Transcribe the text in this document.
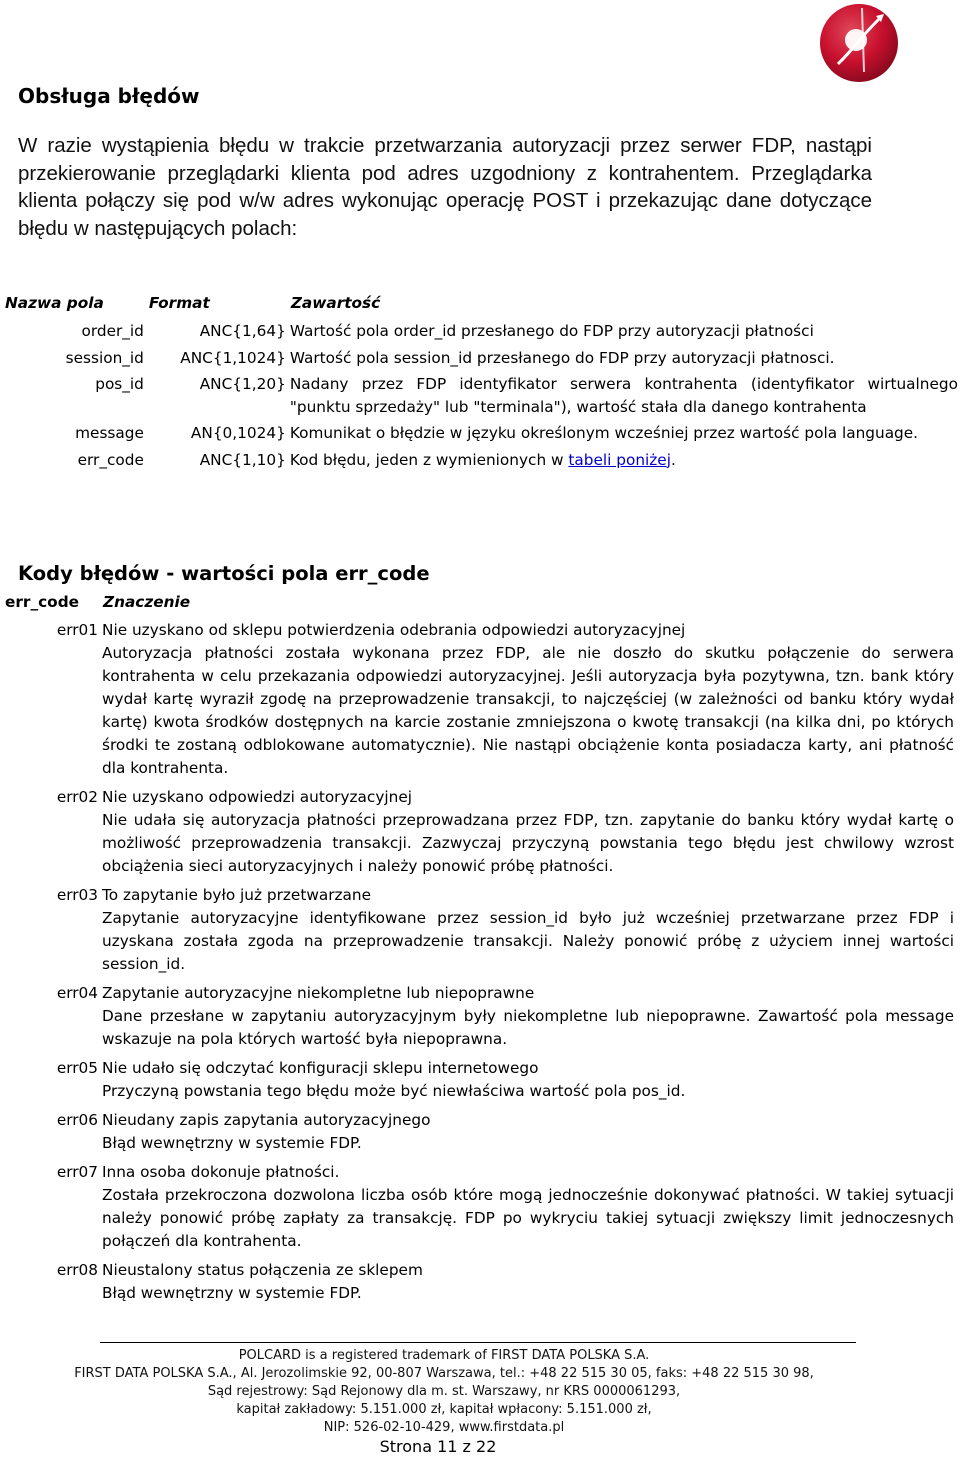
Obsługa błędów
W razie wystąpienia błędu w trakcie przetwarzania autoryzacji przez serwer FDP, nastąpi przekierowanie przeglądarki klienta pod adres uzgodniony z kontrahentem. Przeglądarka klienta połączy się pod w/w adres wykonując operację POST i przekazując dane dotyczące błędu w następujących polach:
Nazwa pola	Format	Zawartość
order_id	ANC{1,64}	Wartość pola order_id przesłanego do FDP przy autoryzacji płatności
session_id	ANC{1,1024}	Wartość pola session_id przesłanego do FDP przy autoryzacji płatnosci.
pos_id	ANC{1,20}	Nadany przez FDP identyfikator serwera kontrahenta (identyfikator wirtualnego "punktu sprzedaży" lub "terminala"), wartość stała dla danego kontrahenta
message	AN{0,1024}	Komunikat o błędzie w języku określonym wcześniej przez wartość pola language.
err_code	ANC{1,10}	Kod błędu, jeden z wymienionych w tabeli poniżej.
Kody błędów - wartości pola err_code
err_code	Znaczenie
err01	Nie uzyskano od sklepu potwierdzenia odebrania odpowiedzi autoryzacyjnej
Autoryzacja płatności została wykonana przez FDP, ale nie doszło do skutku połączenie do serwera kontrahenta w celu przekazania odpowiedzi autoryzacyjnej. Jeśli autoryzacja była pozytywna, tzn. bank który wydał kartę wyraził zgodę na przeprowadzenie transakcji, to najczęściej (w zależności od banku który wydał kartę) kwota środków dostępnych na karcie zostanie zmniejszona o kwotę transakcji (na kilka dni, po których środki te zostaną odblokowane automatycznie). Nie nastąpi obciążenie konta posiadacza karty, ani płatność dla kontrahenta.

err02	Nie uzyskano odpowiedzi autoryzacyjnej
Nie udała się autoryzacja płatności przeprowadzana przez FDP, tzn. zapytanie do banku który wydał kartę o możliwość przeprowadzenia transakcji. Zazwyczaj przyczyną powstania tego błędu jest chwilowy wzrost obciążenia sieci autoryzacyjnych i należy ponowić próbę płatności.

err03	To zapytanie było już przetwarzane
Zapytanie autoryzacyjne identyfikowane przez session_id było już wcześniej przetwarzane przez FDP i uzyskana została zgoda na przeprowadzenie transakcji. Należy ponowić próbę z użyciem innej wartości session_id.

err04	Zapytanie autoryzacyjne niekompletne lub niepoprawne
Dane przesłane w zapytaniu autoryzacyjnym były niekompletne lub niepoprawne. Zawartość pola message wskazuje na pola których wartość była niepoprawna.

err05	Nie udało się odczytać konfiguracji sklepu internetowego
Przyczyną powstania tego błędu może być niewłaściwa wartość pola pos_id.

err06	Nieudany zapis zapytania autoryzacyjnego
Błąd wewnętrzny w systemie FDP.

err07	Inna osoba dokonuje płatności.
Została przekroczona dozwolona liczba osób które mogą jednocześnie dokonywać płatności. W takiej sytuacji należy ponowić próbę zapłaty za transakcję. FDP po wykryciu takiej sytuacji zwiększy limit jednoczesnych połączeń dla kontrahenta.

err08	Nieustalony status połączenia ze sklepem
Błąd wewnętrzny w systemie FDP.
POLCARD is a registered trademark of FIRST DATA POLSKA S.A.
FIRST DATA POLSKA S.A., Al. Jerozolimskie 92, 00-807 Warszawa, tel.: +48 22 515 30 05, faks: +48 22 515 30 98,
Sąd rejestrowy: Sąd Rejonowy dla m. st. Warszawy, nr KRS 0000061293,
kapitał zakładowy: 5.151.000 zł, kapitał wpłacony: 5.151.000 zł,
NIP: 526-02-10-429, www.firstdata.pl
Strona 11 z 22
